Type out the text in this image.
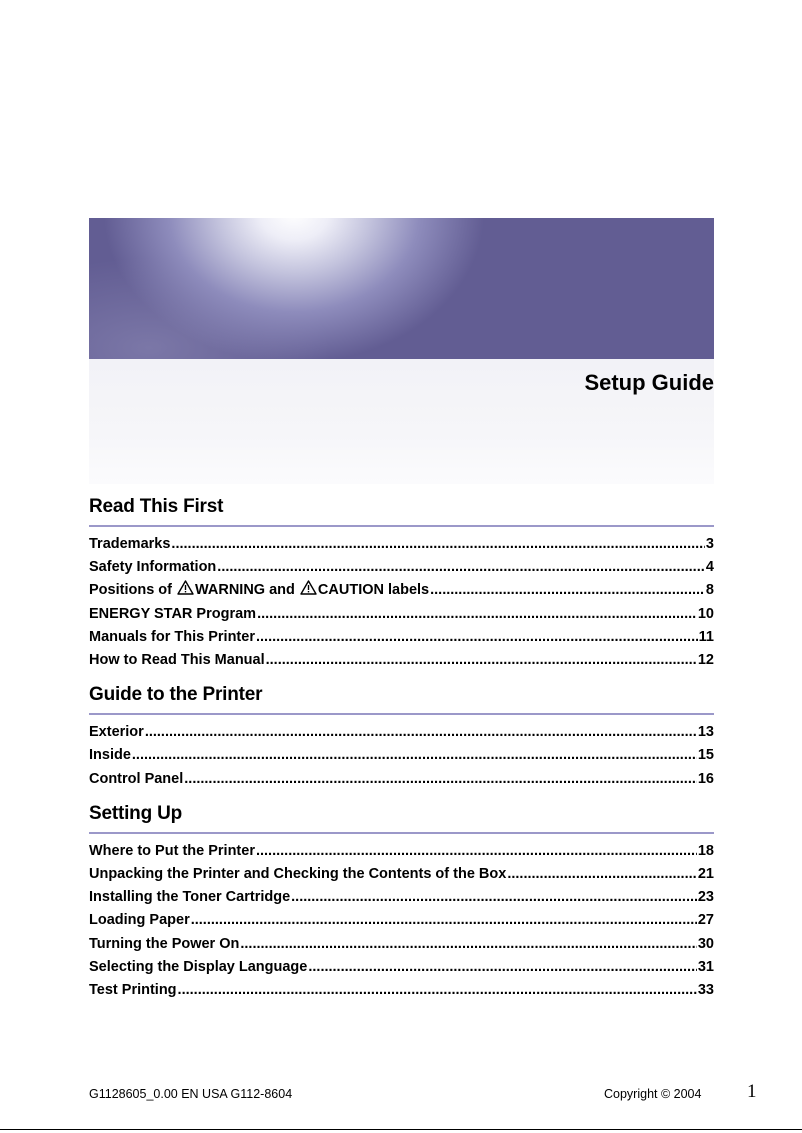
Setup Guide
Read This First
Trademarks .....	3
Safety Information .....	4
Positions of WARNING and CAUTION labels .....	8
ENERGY STAR Program .....	10
Manuals for This Printer .....	11
How to Read This Manual .....	12
Guide to the Printer
Exterior .....	13
Inside .....	15
Control Panel .....	16
Setting Up
Where to Put the Printer .....	18
Unpacking the Printer and Checking the Contents of the Box .....	21
Installing the Toner Cartridge .....	23
Loading Paper .....	27
Turning the Power On .....	30
Selecting the Display Language .....	31
Test Printing .....	33
G1128605_0.00 EN USA G112-8604	Copyright © 2004 1
